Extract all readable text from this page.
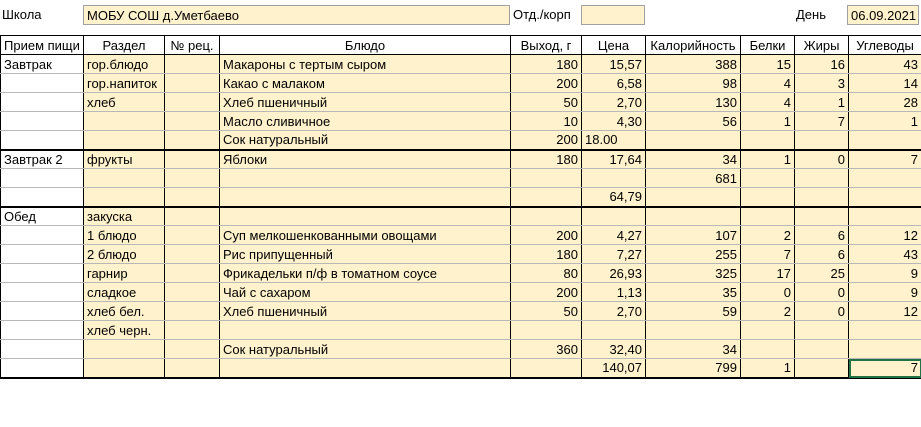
Школа	МОБУ СОШ д.Уметбаево	Отд./корп	День	06.09.2021
Прием пищи	Раздел	№ рец.	Блюдо	Выход, г	Цена	Калорийность	Белки	Жиры	Углеводы
Завтрак	гор.блюдо		Макароны с тертым сыром	180	15,57	388	15	16	43
	гор.напиток		Какао с малаком	200	6,58	98	4	3	14
	хлеб		Хлеб пшеничный	50	2,70	130	4	1	28
			Масло сливичное	10	4,30	56	1	7	1
			Сок натуральный	200	18.00				
Завтрак 2	фрукты		Яблоки	180	17,64	34	1	0	7
						681			
					64,79				
Обед	закуска								
	1 блюдо		Суп мелкошенкованными овощами	200	4,27	107	2	6	12
	2 блюдо		Рис припущенный	180	7,27	255	7	6	43
	гарнир		Фрикадельки п/ф в томатном соусе	80	26,93	325	17	25	9
	сладкое		Чай с сахаром	200	1,13	35	0	0	9
	хлеб бел.		Хлеб пшеничный	50	2,70	59	2	0	12
	хлеб черн.								
			Сок натуральный	360	32,40	34			
					140,07	799	1		7
